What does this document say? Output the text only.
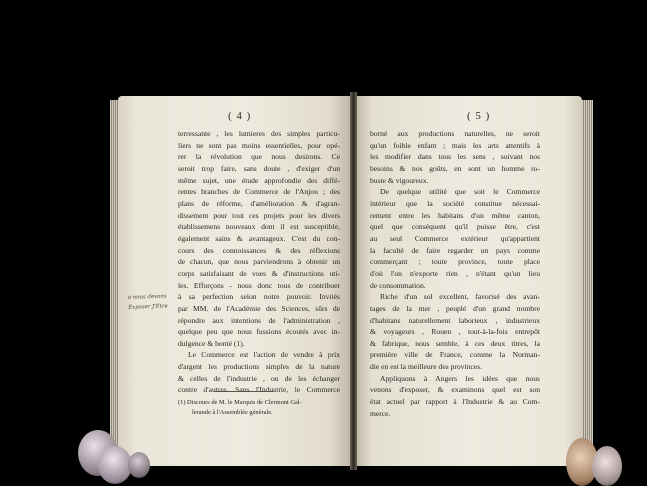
( 4 )	( 5 )
terressante , les lumieres des simples particu-
liers ne sont pas moins essentielles, pour opé-
rer la révolution que nous desirons. Ce
seroit trop faire, sans doute , d'exiger d'un
même sujet, une étude approfondie des diffé-
rentes branches de Commerce de l'Anjou ; des
plans de réforme, d'amélioration & d'agran-
dissement pour tout ces projets pour les divers
établissemens nouveaux dont il est susceptible,
également sains & avantageux. C'est du con-
cours des connoissances & des réflexions
de chacun, que nous parviendrons à obtenir un
corps satisfaisant de vues & d'instructions uti-
les. Efforçons - nous donc tous de contribuer
à sa perfection selon notre pouvoir. Invités
par MM. de l'Académie des Sciences, sûrs de
répondre aux intentions de l'administration ,
quelque peu que nous fussions écoutés avec in-
dulgence & bonté (1).
Le Commerce est l'action de vendre à prix
d'argent les productions simples de la nature
& celles de l'industrie , ou de les échanger
contre d'autres. Sans l'Industrie, le Commerce
(1) Discours de M. le Marquis de Clermont Gal-
lerande à l'Assemblée générale.
a nous devons
Exposer J'Etre
borné aux productions naturelles, ne seroit
qu'un foible enfant ; mais les arts attentifs à
les modifier dans tous les sens , suivant nos
besoins & nos goûts, en sont un homme ro-
buste & vigoureux.
De quelque utilité que soit le Commerce
intérieur que la société constitue nécessai-
rement entre les habitans d'un même canton,
quel que conséquent qu'il puisse être, c'est
au seul Commerce extérieur qu'appartient
la faculté de faire regarder un pays comme
commerçant ; toute province, toute place
d'où l'on n'exporte rien , n'étant qu'un lieu
de consommation.
Riche d'un sol excellent, favorisé des avan-
tages de la mer , peuplé d'un grand nombre
d'habitans naturellement laborieux , industrieux
& voyageurs , Rouen , tout-à-la-fois entrepôt
& fabrique, nous semble, à ces deux titres, la
première ville de France, comme la Norman-
die en est la meilleure des provinces.
Appliquons à Angers les idées que nous
venons d'exposer, & examinons quel est son
état actuel par rapport à l'Industrie & au Com-
merce.
